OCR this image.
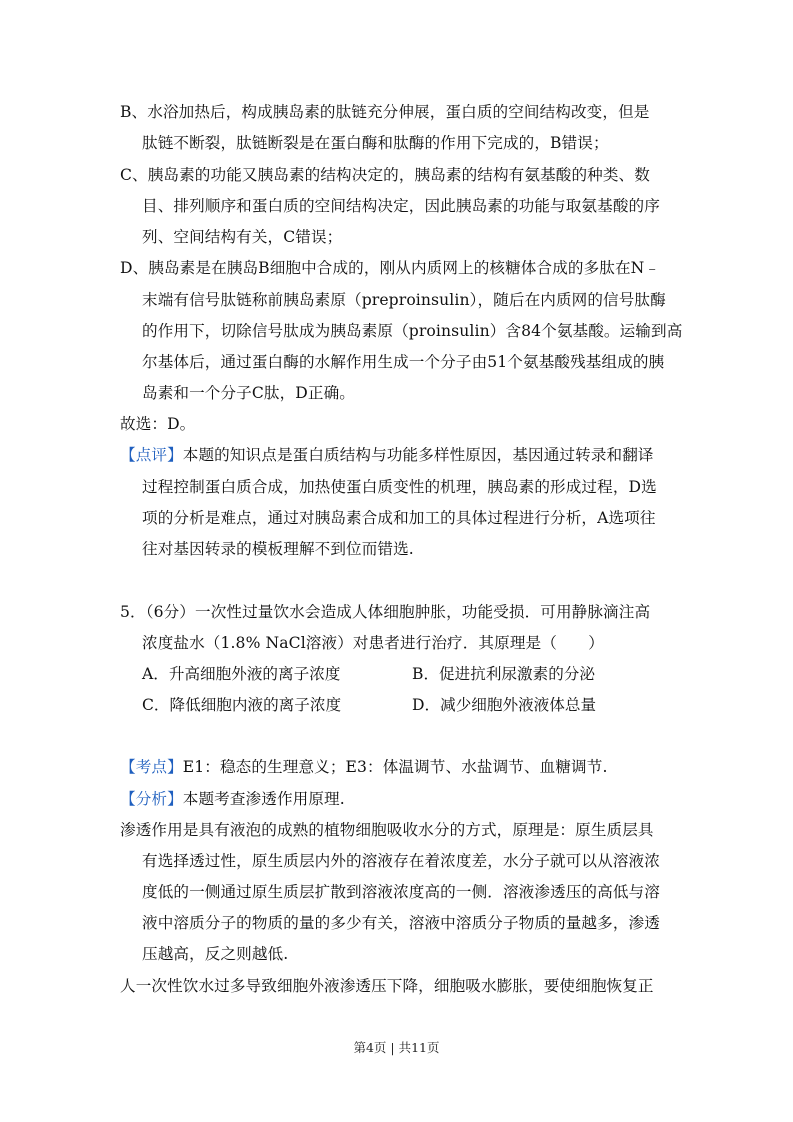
B、水浴加热后，构成胰岛素的肽链充分伸展，蛋白质的空间结构改变，但是
肽链不断裂，肽链断裂是在蛋白酶和肽酶的作用下完成的，B错误；
C、胰岛素的功能又胰岛素的结构决定的，胰岛素的结构有氨基酸的种类、数
目、排列顺序和蛋白质的空间结构决定，因此胰岛素的功能与取氨基酸的序
列、空间结构有关，C错误；
D、胰岛素是在胰岛B细胞中合成的，刚从内质网上的核糖体合成的多肽在N﹣
末端有信号肽链称前胰岛素原（preproinsulin），随后在内质网的信号肽酶
的作用下，切除信号肽成为胰岛素原（proinsulin）含84个氨基酸。运输到高
尔基体后，通过蛋白酶的水解作用生成一个分子由51个氨基酸残基组成的胰
岛素和一个分子C肽，D正确。
故选：D。
【点评】本题的知识点是蛋白质结构与功能多样性原因，基因通过转录和翻译
过程控制蛋白质合成，加热使蛋白质变性的机理，胰岛素的形成过程，D选
项的分析是难点，通过对胰岛素合成和加工的具体过程进行分析，A选项往
往对基因转录的模板理解不到位而错选.
5．（6分）一次性过量饮水会造成人体细胞肿胀，功能受损．可用静脉滴注高
浓度盐水（1.8% NaCl溶液）对患者进行治疗．其原理是（　　）
A．升高细胞外液的离子浓度	B．促进抗利尿激素的分泌
C．降低细胞内液的离子浓度	D．减少细胞外液液体总量
【考点】E1：稳态的生理意义；E3：体温调节、水盐调节、血糖调节.
【分析】本题考查渗透作用原理.
渗透作用是具有液泡的成熟的植物细胞吸收水分的方式，原理是：原生质层具
有选择透过性，原生质层内外的溶液存在着浓度差，水分子就可以从溶液浓
度低的一侧通过原生质层扩散到溶液浓度高的一侧．溶液渗透压的高低与溶
液中溶质分子的物质的量的多少有关，溶液中溶质分子物质的量越多，渗透
压越高，反之则越低.
人一次性饮水过多导致细胞外液渗透压下降，细胞吸水膨胀，要使细胞恢复正
第4页 | 共11页
